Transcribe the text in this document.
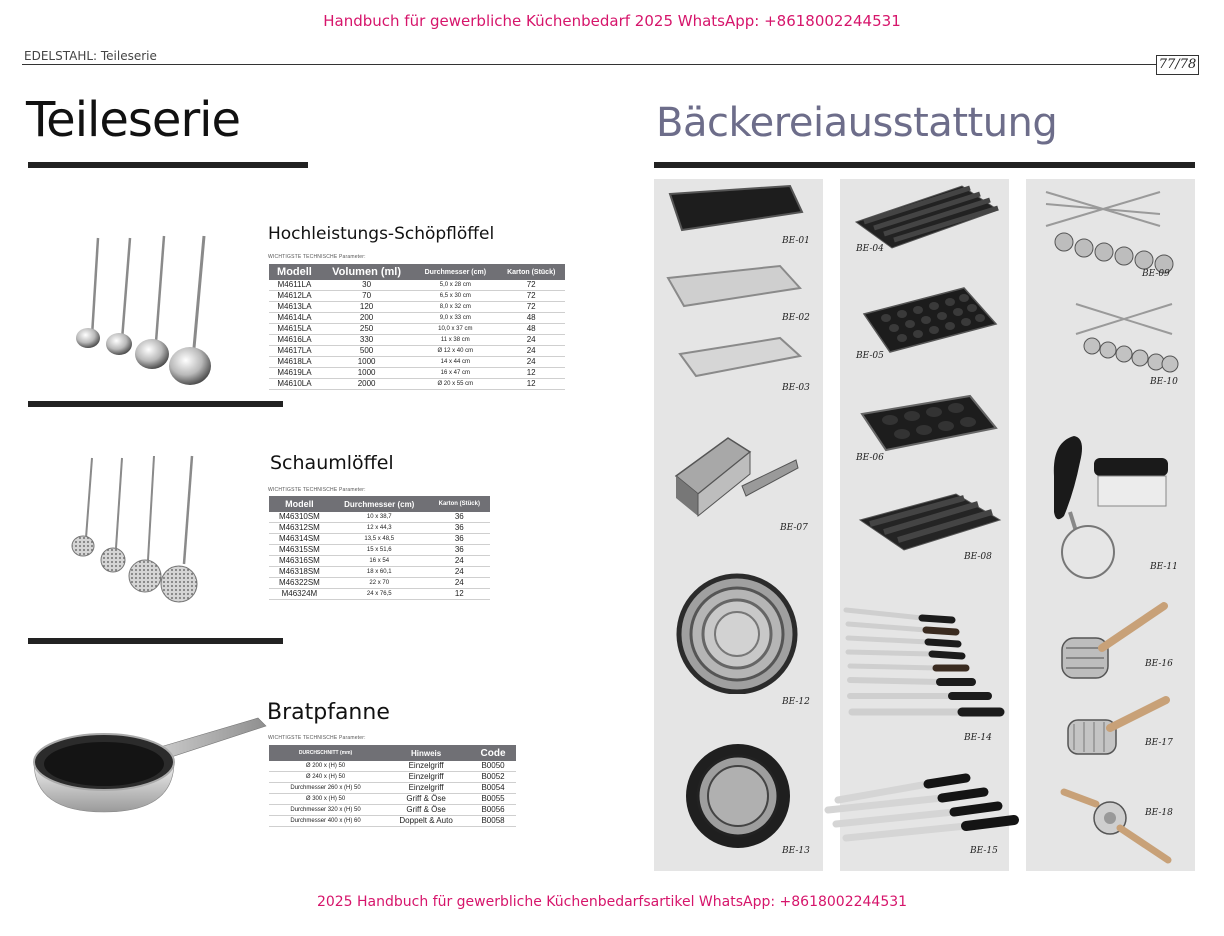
Handbuch für gewerbliche Küchenbedarf 2025 WhatsApp: +8618002244531
EDELSTAHL: Teileserie
77/78
Teileserie
Hochleistungs-Schöpflöffel
WICHTIGSTE TECHNISCHE Parameter:
Modell	Volumen (ml)	Durchmesser (cm)	Karton (Stück)
M4611LA	30	5,0 x 28 cm	72
M4612LA	70	6,5 x 30 cm	72
M4613LA	120	8,0 x 32 cm	72
M4614LA	200	9,0 x 33 cm	48
M4615LA	250	10,0 x 37 cm	48
M4616LA	330	11 x 38 cm	24
M4617LA	500	Ø 12 x 40 cm	24
M4618LA	1000	14 x 44 cm	24
M4619LA	1000	16 x 47 cm	12
M4610LA	2000	Ø 20 x 55 cm	12
Schaumlöffel
WICHTIGSTE TECHNISCHE Parameter:
Modell	Durchmesser (cm)	Karton (Stück)
M46310SM	10 x 38,7	36
M46312SM	12 x 44,3	36
M46314SM	13,5 x 48,5	36
M46315SM	15 x 51,6	36
M46316SM	16 x 54	24
M46318SM	18 x 60,1	24
M46322SM	22 x 70	24
M46324M	24 x 76,5	12
Bratpfanne
WICHTIGSTE TECHNISCHE Parameter:
DURCHSCHNITT (mm)	Hinweis	Code
Ø 200 x (H) 50	Einzelgriff	B0050
Ø 240 x (H) 50	Einzelgriff	B0052
Durchmesser 260 x (H) 50	Einzelgriff	B0054
Ø 300 x (H) 50	Griff & Öse	B0055
Durchmesser 320 x (H) 50	Griff & Öse	B0056
Durchmesser 400 x (H) 60	Doppelt & Auto	B0058
Bäckereiausstattung
BE-01
BE-02
BE-03
BE-07
BE-12
BE-13
BE-04
BE-05
BE-06
BE-08
BE-14
BE-15
BE-09
BE-10
BE-11
BE-16
BE-17
BE-18
2025 Handbuch für gewerbliche Küchenbedarfsartikel WhatsApp: +8618002244531
